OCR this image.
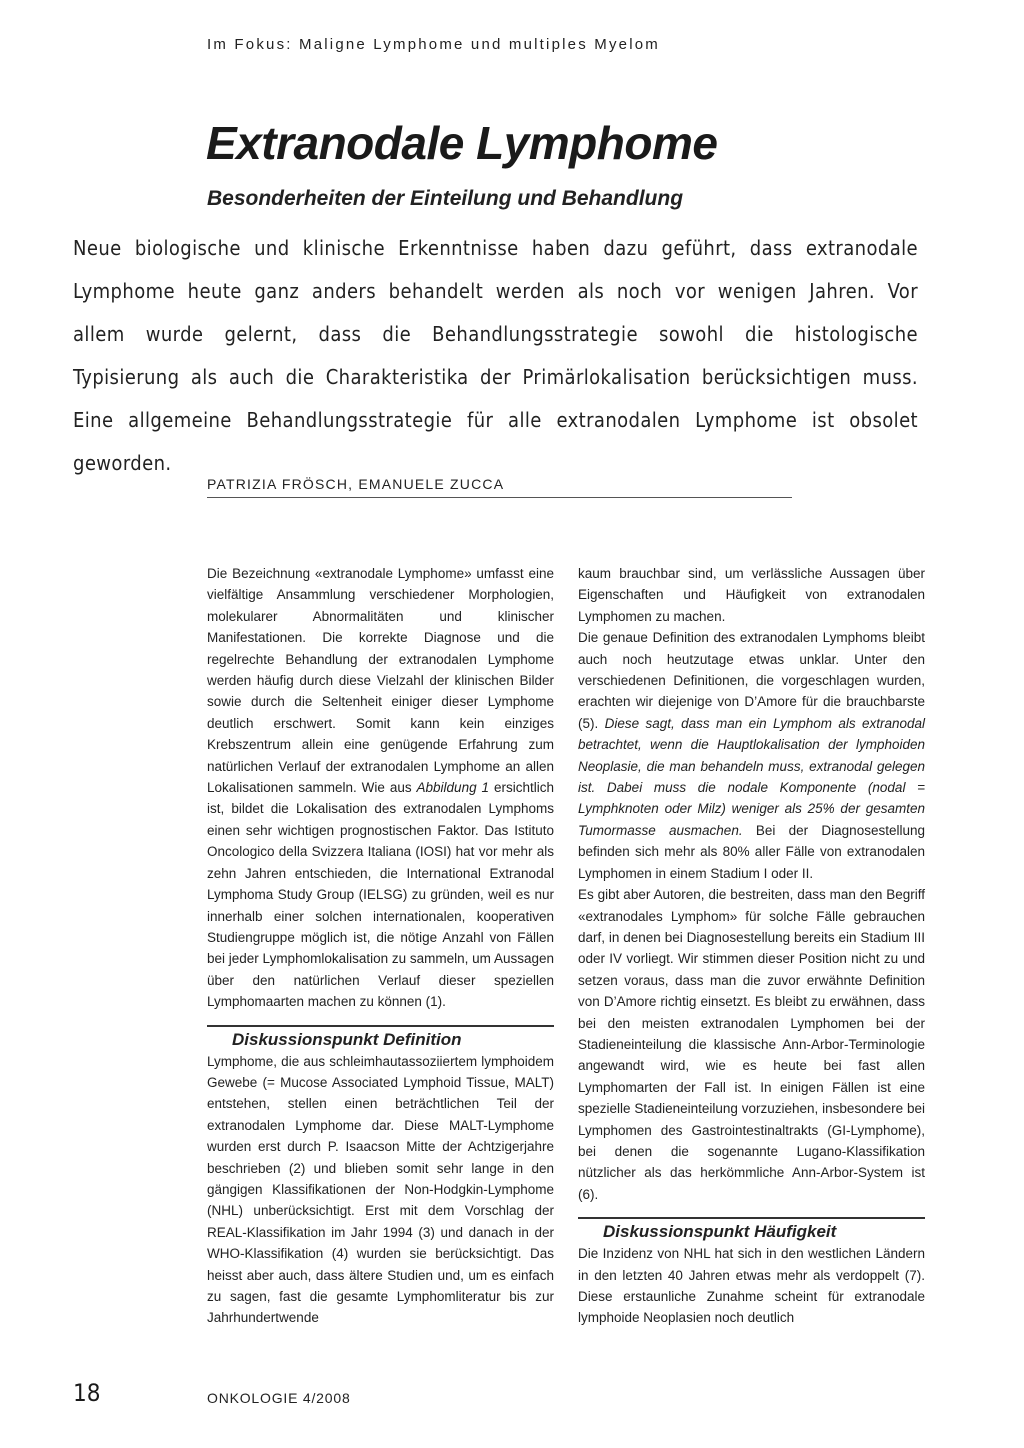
Im Fokus: Maligne Lymphome und multiples Myelom
Extranodale Lymphome
Besonderheiten der Einteilung und Behandlung

Neue biologische und klinische Erkenntnisse haben dazu geführt, dass extranodale Lymphome heute ganz anders behandelt werden als noch vor wenigen Jahren. Vor allem wurde gelernt, dass die Behandlungsstrategie sowohl die histologische Typisierung als auch die Charakteristika der Primärlokalisation berücksichtigen muss. Eine allgemeine Behandlungsstrategie für alle extranodalen Lymphome ist obsolet geworden.

PATRIZIA FRÖSCH, EMANUELE ZUCCA

Die Bezeichnung «extranodale Lymphome» umfasst eine vielfältige Ansammlung verschiedener Morphologien, molekularer Abnormalitäten und klinischer Manifestationen. Die korrekte Diagnose und die regelrechte Behandlung der extranodalen Lymphome werden häufig durch diese Vielzahl der klinischen Bilder sowie durch die Seltenheit einiger dieser Lymphome deutlich erschwert. Somit kann kein einziges Krebszentrum allein eine genügende Erfahrung zum natürlichen Verlauf der extranodalen Lymphome an allen Lokalisationen sammeln. Wie aus Abbildung 1 ersichtlich ist, bildet die Lokalisation des extranodalen Lymphoms einen sehr wichtigen prognostischen Faktor. Das Istituto Oncologico della Svizzera Italiana (IOSI) hat vor mehr als zehn Jahren entschieden, die International Extranodal Lymphoma Study Group (IELSG) zu gründen, weil es nur innerhalb einer solchen internationalen, kooperativen Studiengruppe möglich ist, die nötige Anzahl von Fällen bei jeder Lymphomlokalisation zu sammeln, um Aussagen über den natürlichen Verlauf dieser speziellen Lymphomaarten machen zu können (1).

Diskussionspunkt Definition

Lymphome, die aus schleimhautassoziiertem lymphoidem Gewebe (= Mucose Associated Lymphoid Tissue, MALT) entstehen, stellen einen beträchtlichen Teil der extranodalen Lymphome dar. Diese MALT-Lymphome wurden erst durch P. Isaacson Mitte der Achtzigerjahre beschrieben (2) und blieben somit sehr lange in den gängigen Klassifikationen der Non-Hodgkin-Lymphome (NHL) unberücksichtigt. Erst mit dem Vorschlag der REAL-Klassifikation im Jahr 1994 (3) und danach in der WHO-Klassifikation (4) wurden sie berücksichtigt. Das heisst aber auch, dass ältere Studien und, um es einfach zu sagen, fast die gesamte Lymphomliteratur bis zur Jahrhundertwende

kaum brauchbar sind, um verlässliche Aussagen über Eigenschaften und Häufigkeit von extranodalen Lymphomen zu machen.

Die genaue Definition des extranodalen Lymphoms bleibt auch noch heutzutage etwas unklar. Unter den verschiedenen Definitionen, die vorgeschlagen wurden, erachten wir diejenige von D’Amore für die brauchbarste (5). Diese sagt, dass man ein Lymphom als extranodal betrachtet, wenn die Hauptlokalisation der lymphoiden Neoplasie, die man behandeln muss, extranodal gelegen ist. Dabei muss die nodale Komponente (nodal = Lymphknoten oder Milz) weniger als 25% der gesamten Tumormasse ausmachen. Bei der Diagnosestellung befinden sich mehr als 80% aller Fälle von extranodalen Lymphomen in einem Stadium I oder II.

Es gibt aber Autoren, die bestreiten, dass man den Begriff «extranodales Lymphom» für solche Fälle gebrauchen darf, in denen bei Diagnosestellung bereits ein Stadium III oder IV vorliegt. Wir stimmen dieser Position nicht zu und setzen voraus, dass man die zuvor erwähnte Definition von D’Amore richtig einsetzt. Es bleibt zu erwähnen, dass bei den meisten extranodalen Lymphomen bei der Stadieneinteilung die klassische Ann-Arbor-Terminologie angewandt wird, wie es heute bei fast allen Lymphomarten der Fall ist. In einigen Fällen ist eine spezielle Stadieneinteilung vorzuziehen, insbesondere bei Lymphomen des Gastrointestinaltrakts (GI-Lymphome), bei denen die sogenannte Lugano-Klassifikation nützlicher als das herkömmliche Ann-Arbor-System ist (6).

Diskussionspunkt Häufigkeit

Die Inzidenz von NHL hat sich in den westlichen Ländern in den letzten 40 Jahren etwas mehr als verdoppelt (7). Diese erstaunliche Zunahme scheint für extranodale lymphoide Neoplasien noch deutlich

18	ONKOLOGIE 4/2008
